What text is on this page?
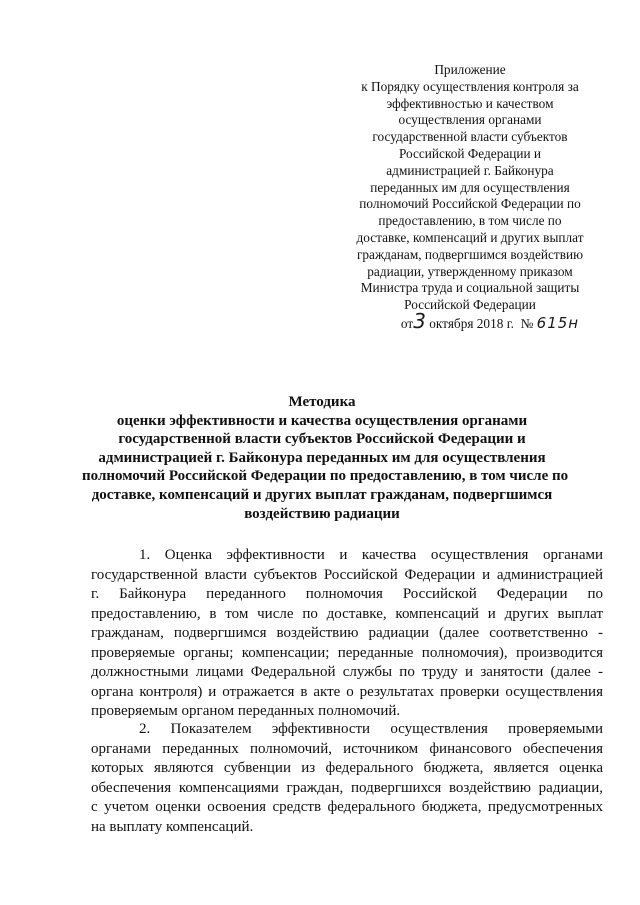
Приложение
к Порядку осуществления контроля за
эффективностью и качеством
осуществления органами
государственной власти субъектов
Российской Федерации и
администрацией г. Байконура
переданных им для осуществления
полномочий Российской Федерации по
предоставлению, в том числе по
доставке, компенсаций и других выплат
гражданам, подвергшимся воздействию
радиации, утвержденному приказом
Министра труда и социальной защиты
Российской Федерации
от3 октября 2018 г. № 615н
Методика
оценки эффективности и качества осуществления органами
государственной власти субъектов Российской Федерации и
администрацией г. Байконура переданных им для осуществления
полномочий Российской Федерации по предоставлению, в том числе по
доставке, компенсаций и других выплат гражданам, подвергшимся
воздействию радиации
1. Оценка эффективности и качества осуществления органами
государственной власти субъектов Российской Федерации и администрацией
г. Байконура переданного полномочия Российской Федерации по
предоставлению, в том числе по доставке, компенсаций и других выплат
гражданам, подвергшимся воздействию радиации (далее соответственно -
проверяемые органы; компенсации; переданные полномочия), производится
должностными лицами Федеральной службы по труду и занятости (далее -
органа контроля) и отражается в акте о результатах проверки осуществления
проверяемым органом переданных полномочий.
2. Показателем эффективности осуществления проверяемыми
органами переданных полномочий, источником финансового обеспечения
которых являются субвенции из федерального бюджета, является оценка
обеспечения компенсациями граждан, подвергшихся воздействию радиации,
с учетом оценки освоения средств федерального бюджета, предусмотренных
на выплату компенсаций.
